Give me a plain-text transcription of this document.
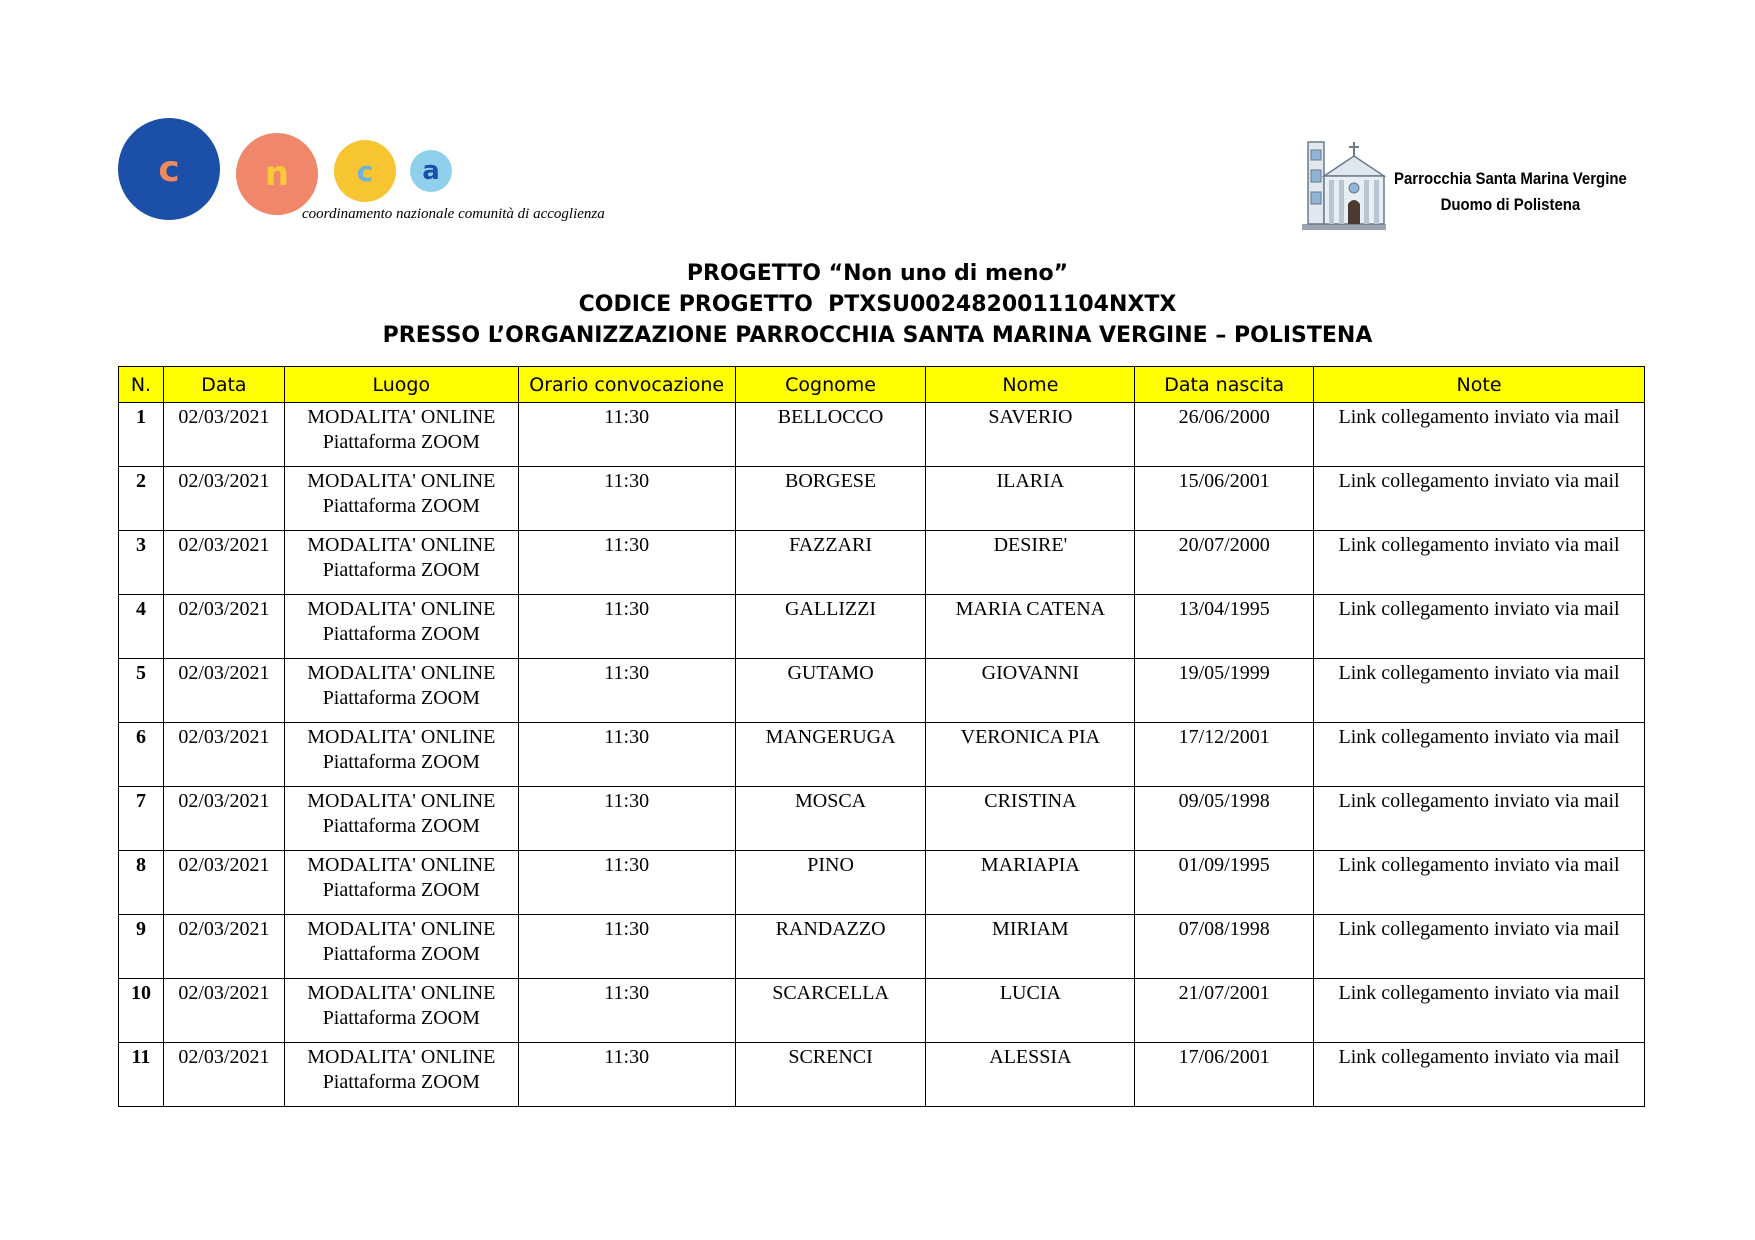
c	n c a
coordinamento nazionale comunità di accoglienza
Parrocchia Santa Marina Vergine
Duomo di Polistena
PROGETTO “Non uno di meno”
CODICE PROGETTO  PTXSU0024820011104NXTX
PRESSO L’ORGANIZZAZIONE PARROCCHIA SANTA MARINA VERGINE – POLISTENA
N.	Data	Luogo	Orario convocazione	Cognome	Nome	Data nascita	Note
1	02/03/2021	MODALITA' ONLINE
Piattaforma ZOOM	11:30	BELLOCCO	SAVERIO	26/06/2000	Link collegamento inviato via mail
2	02/03/2021	MODALITA' ONLINE
Piattaforma ZOOM	11:30	BORGESE	ILARIA	15/06/2001	Link collegamento inviato via mail
3	02/03/2021	MODALITA' ONLINE
Piattaforma ZOOM	11:30	FAZZARI	DESIRE'	20/07/2000	Link collegamento inviato via mail
4	02/03/2021	MODALITA' ONLINE
Piattaforma ZOOM	11:30	GALLIZZI	MARIA CATENA	13/04/1995	Link collegamento inviato via mail
5	02/03/2021	MODALITA' ONLINE
Piattaforma ZOOM	11:30	GUTAMO	GIOVANNI	19/05/1999	Link collegamento inviato via mail
6	02/03/2021	MODALITA' ONLINE
Piattaforma ZOOM	11:30	MANGERUGA	VERONICA PIA	17/12/2001	Link collegamento inviato via mail
7	02/03/2021	MODALITA' ONLINE
Piattaforma ZOOM	11:30	MOSCA	CRISTINA	09/05/1998	Link collegamento inviato via mail
8	02/03/2021	MODALITA' ONLINE
Piattaforma ZOOM	11:30	PINO	MARIAPIA	01/09/1995	Link collegamento inviato via mail
9	02/03/2021	MODALITA' ONLINE
Piattaforma ZOOM	11:30	RANDAZZO	MIRIAM	07/08/1998	Link collegamento inviato via mail
10	02/03/2021	MODALITA' ONLINE
Piattaforma ZOOM	11:30	SCARCELLA	LUCIA	21/07/2001	Link collegamento inviato via mail
11	02/03/2021	MODALITA' ONLINE
Piattaforma ZOOM	11:30	SCRENCI	ALESSIA	17/06/2001	Link collegamento inviato via mail
